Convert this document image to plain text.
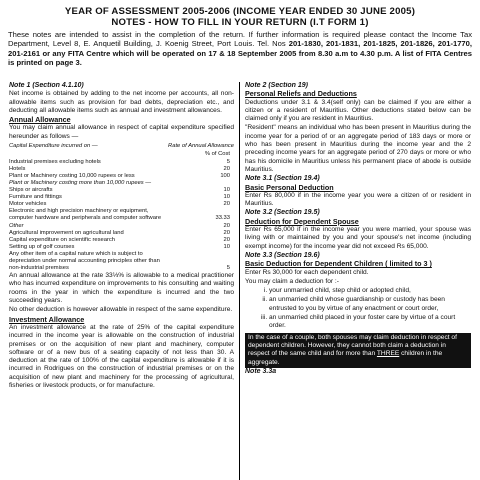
YEAR OF ASSESSMENT 2005-2006 (INCOME YEAR ENDED 30 JUNE 2005)
NOTES - HOW TO FILL IN YOUR RETURN (I.T FORM 1)
These notes are intended to assist in the completion of the return. If further information is required please contact the Income Tax Department, Level 8, E. Anquetil Building, J. Koenig Street, Port Louis. Tel. Nos 201-1830, 201-1831, 201-1825, 201-1826, 201-1770, 201-2161 or any FITA Centre which will be operated on 17 & 18 September 2005 from 8.30 a.m to 4.30 p.m. A list of FITA Centres is printed on page 3.
Note 1 (Section 4.1.10)
Net income is obtained by adding to the net income per accounts, all non-allowable items such as provision for bad debts, depreciation etc., and deducting all allowable items such as annual and investment allowances.
Annual Allowance
You may claim annual allowance in respect of capital expenditure specified hereunder as follows —
Capital Expenditure incurred on —	Rate of Annual Allowance
% of Cost
Industrial premises excluding hotels	5
Hotels	20
Plant or Machinery costing 10,000 rupees or less	100
Plant or Machinery costing more than 10,000 rupees —
Ships or aircrafts	10
Furniture and fittings	10
Motor vehicles	20
Electronic and high precision machinery or equipment,
computer hardware and peripherals and computer software	33.33
Other	20
Agricultural improvement on agricultural land	20
Capital expenditure on scientific research	20
Setting up of golf courses	10
Any other item of a capital nature which is subject to
depreciation under normal accounting principles other than
non-industrial premises	5
An annual allowance at the rate 33⅓% is allowable to a medical practitioner who has incurred expenditure on improvements to his consulting and waiting rooms in the year in which the expenditure is incurred and the two succeeding years.
No other deduction is however allowable in respect of the same expenditure.
Investment Allowance
An investment allowance at the rate of 25% of the capital expenditure incurred in the income year is allowable on the construction of industrial premises or on the acquisition of new plant and machinery, computer software or of a new bus of a seating capacity of not less than 30. A deduction at the rate of 100% of the capital expenditure is allowable if it is incurred in Rodrigues on the construction of industrial premises or on the acquisition of new plant and machinery for the processing of agricultural, fisheries or livestock products, or for manufacture.
Note 2 (Section 19)
Personal Reliefs and Deductions
Deductions under 3.1 & 3.4(self only) can be claimed if you are either a citizen or a resident of Mauritius. Other deductions stated below can be claimed only if you are resident in Mauritius.
"Resident" means an individual who has been present in Mauritius during the income year for a period of or an aggregate period of 183 days or more or who has been present in Mauritius during the income year and the 2 preceding income years for an aggregate period of 270 days or more or who has his domicile in Mauritius unless his permanent place of abode is outside Mauritius.
Note 3.1 (Section 19.4)
Basic Personal Deduction
Enter Rs 80,000 if in the income year you were a citizen of or resident in Mauritius.
Note 3.2 (Section 19.5)
Deduction for Dependent Spouse
Enter Rs 65,000 if in the income year you were married, your spouse was living with or maintained by you and your spouse's net income (including exempt income) for the income year did not exceed Rs 65,000.
Note 3.3 (Section 19.6)
Basic Deduction for Dependent Children ( limited to 3 )
Enter Rs 30,000 for each dependent child.
You may claim a deduction for :-
i. your unmarried child, step child or adopted child,
ii. an unmarried child whose guardianship or custody has been entrusted to you by virtue of any enactment or court order,
iii. an unmarried child placed in your foster care by virtue of a court order.
In the case of a couple, both spouses may claim deduction in respect of dependent children. However, they cannot both claim a deduction in respect of the same child and for more than THREE children in the aggregate.
Note 3.3a
